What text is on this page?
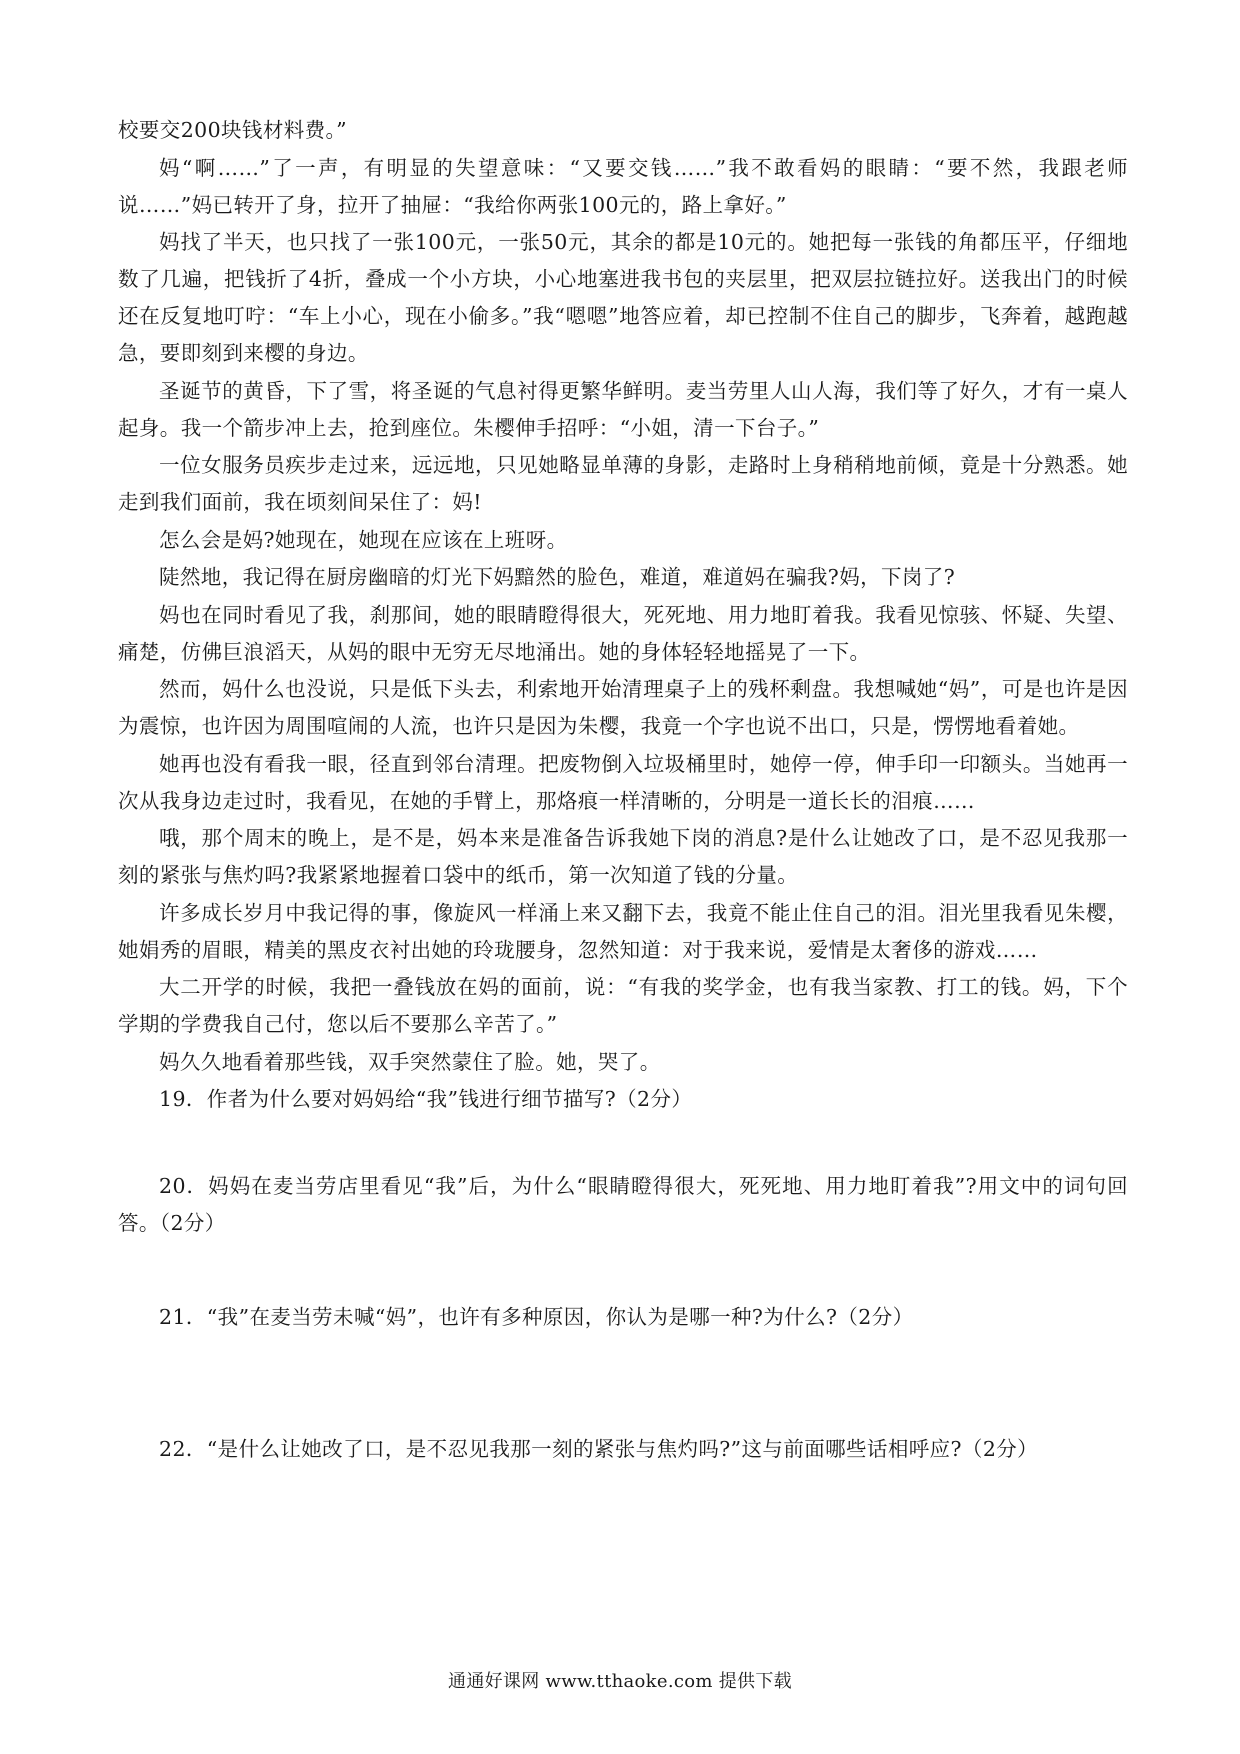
校要交200块钱材料费。”

妈“啊……”了一声，有明显的失望意味：“又要交钱……”我不敢看妈的眼睛：“要不然，我跟老师说……”妈已转开了身，拉开了抽屉：“我给你两张100元的，路上拿好。”

妈找了半天，也只找了一张100元，一张50元，其余的都是10元的。她把每一张钱的角都压平，仔细地数了几遍，把钱折了4折，叠成一个小方块，小心地塞进我书包的夹层里，把双层拉链拉好。送我出门的时候还在反复地叮咛：“车上小心，现在小偷多。”我“嗯嗯”地答应着，却已控制不住自己的脚步，飞奔着，越跑越急，要即刻到来樱的身边。

圣诞节的黄昏，下了雪，将圣诞的气息衬得更繁华鲜明。麦当劳里人山人海，我们等了好久，才有一桌人起身。我一个箭步冲上去，抢到座位。朱樱伸手招呼：“小姐，清一下台子。”

一位女服务员疾步走过来，远远地，只见她略显单薄的身影，走路时上身稍稍地前倾，竟是十分熟悉。她走到我们面前，我在顷刻间呆住了：妈!

怎么会是妈?她现在，她现在应该在上班呀。

陡然地，我记得在厨房幽暗的灯光下妈黯然的脸色，难道，难道妈在骗我?妈，下岗了?

妈也在同时看见了我，刹那间，她的眼睛瞪得很大，死死地、用力地盯着我。我看见惊骇、怀疑、失望、痛楚，仿佛巨浪滔天，从妈的眼中无穷无尽地涌出。她的身体轻轻地摇晃了一下。

然而，妈什么也没说，只是低下头去，利索地开始清理桌子上的残杯剩盘。我想喊她“妈”，可是也许是因为震惊，也许因为周围喧闹的人流，也许只是因为朱樱，我竟一个字也说不出口，只是，愣愣地看着她。

她再也没有看我一眼，径直到邻台清理。把废物倒入垃圾桶里时，她停一停，伸手印一印额头。当她再一次从我身边走过时，我看见，在她的手臂上，那烙痕一样清晰的，分明是一道长长的泪痕……

哦，那个周末的晚上，是不是，妈本来是准备告诉我她下岗的消息?是什么让她改了口，是不忍见我那一刻的紧张与焦灼吗?我紧紧地握着口袋中的纸币，第一次知道了钱的分量。

许多成长岁月中我记得的事，像旋风一样涌上来又翻下去，我竟不能止住自己的泪。泪光里我看见朱樱，她娟秀的眉眼，精美的黑皮衣衬出她的玲珑腰身，忽然知道：对于我来说，爱情是太奢侈的游戏……

大二开学的时候，我把一叠钱放在妈的面前，说：“有我的奖学金，也有我当家教、打工的钱。妈，下个学期的学费我自己付，您以后不要那么辛苦了。”

妈久久地看着那些钱，双手突然蒙住了脸。她，哭了。

19．作者为什么要对妈妈给“我”钱进行细节描写?（2分）

20．妈妈在麦当劳店里看见“我”后，为什么“眼睛瞪得很大，死死地、用力地盯着我”?用文中的词句回答。（2分）

21．“我”在麦当劳未喊“妈”，也许有多种原因，你认为是哪一种?为什么?（2分）

22．“是什么让她改了口，是不忍见我那一刻的紧张与焦灼吗?”这与前面哪些话相呼应?（2分）

通通好课网 www.tthaoke.com 提供下载
